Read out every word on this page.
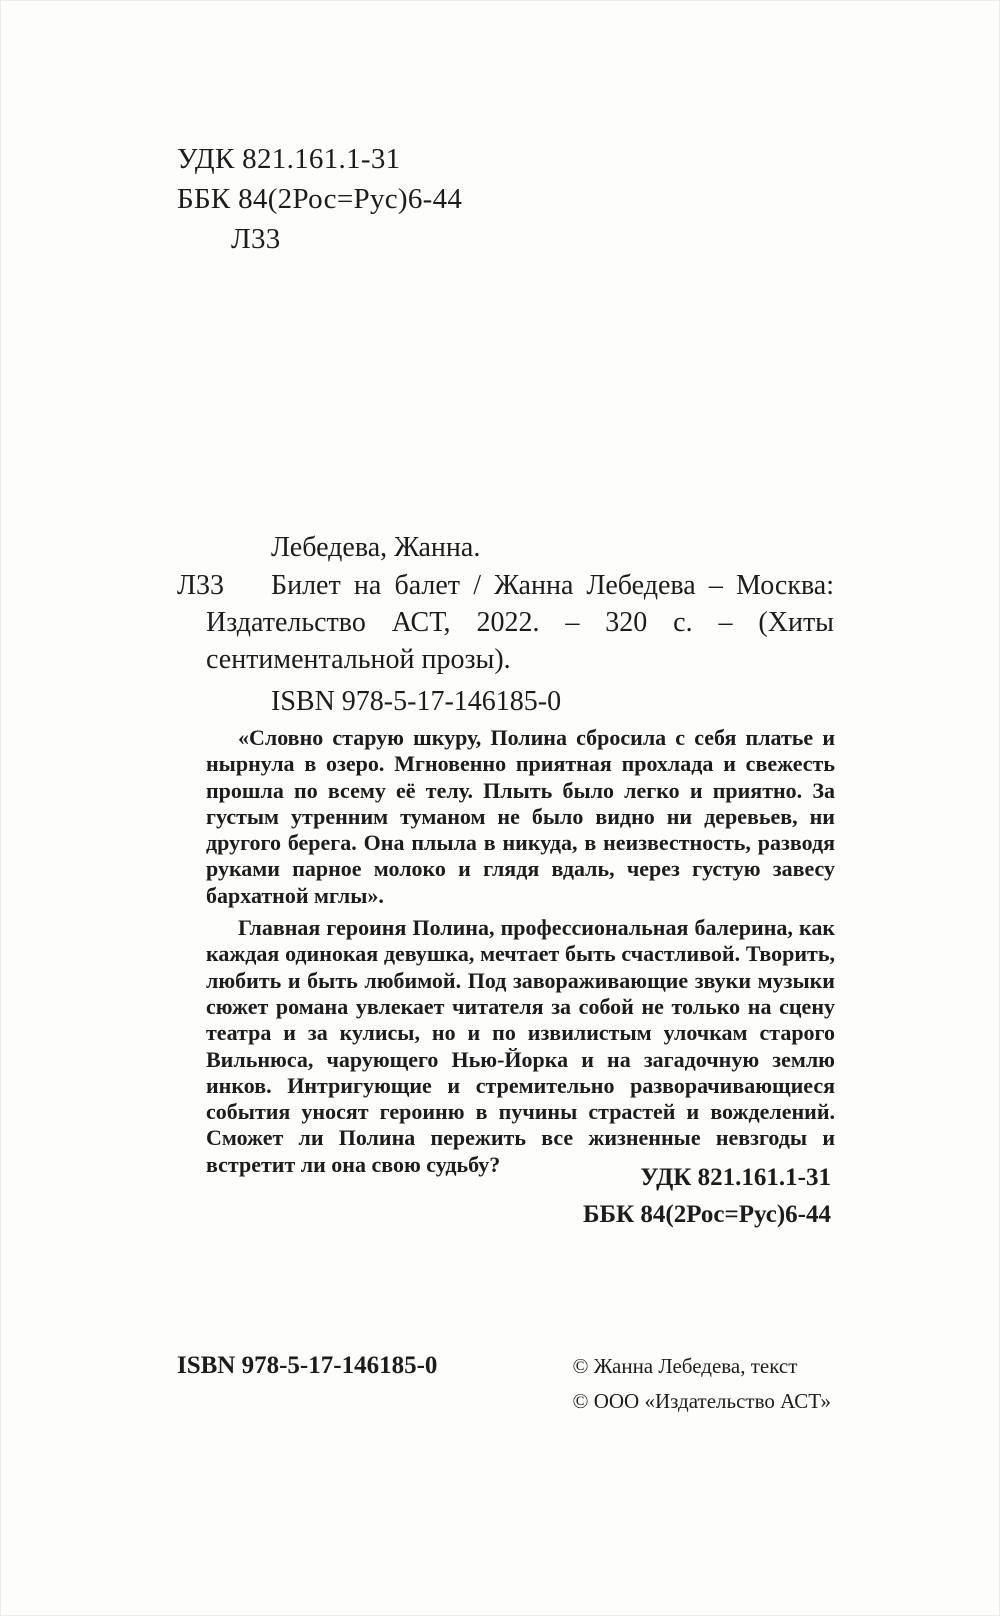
УДК 821.161.1-31
ББК 84(2Рос=Рус)6-44
Л33
Лебедева, Жанна.
Л33	Билет на балет / Жанна Лебедева – Москва: Издательство АСТ, 2022. – 320 с. – (Хиты сентиментальной прозы).

ISBN 978-5-17-146185-0

«Словно старую шкуру, Полина сбросила с себя платье и нырнула в озеро. Мгновенно приятная прохлада и свежесть прошла по всему её телу. Плыть было легко и приятно. За густым утренним туманом не было видно ни деревьев, ни другого берега. Она плыла в никуда, в неизвестность, разводя руками парное молоко и глядя вдаль, через густую завесу бархатной мглы».

Главная героиня Полина, профессиональная балерина, как каждая одинокая девушка, мечтает быть счастливой. Творить, любить и быть любимой. Под завораживающие звуки музыки сюжет романа увлекает читателя за собой не только на сцену театра и за кулисы, но и по извилистым улочкам старого Вильнюса, чарующего Нью-Йорка и на загадочную землю инков. Интригующие и стремительно разворачивающиеся события уносят героиню в пучины страстей и вожделений. Сможет ли Полина пережить все жизненные невзгоды и встретит ли она свою судьбу?	УДК 821.161.1-31
ББК 84(2Рос=Рус)6-44
ISBN 978-5-17-146185-0	© Жанна Лебедева, текст
© ООО «Издательство АСТ»
